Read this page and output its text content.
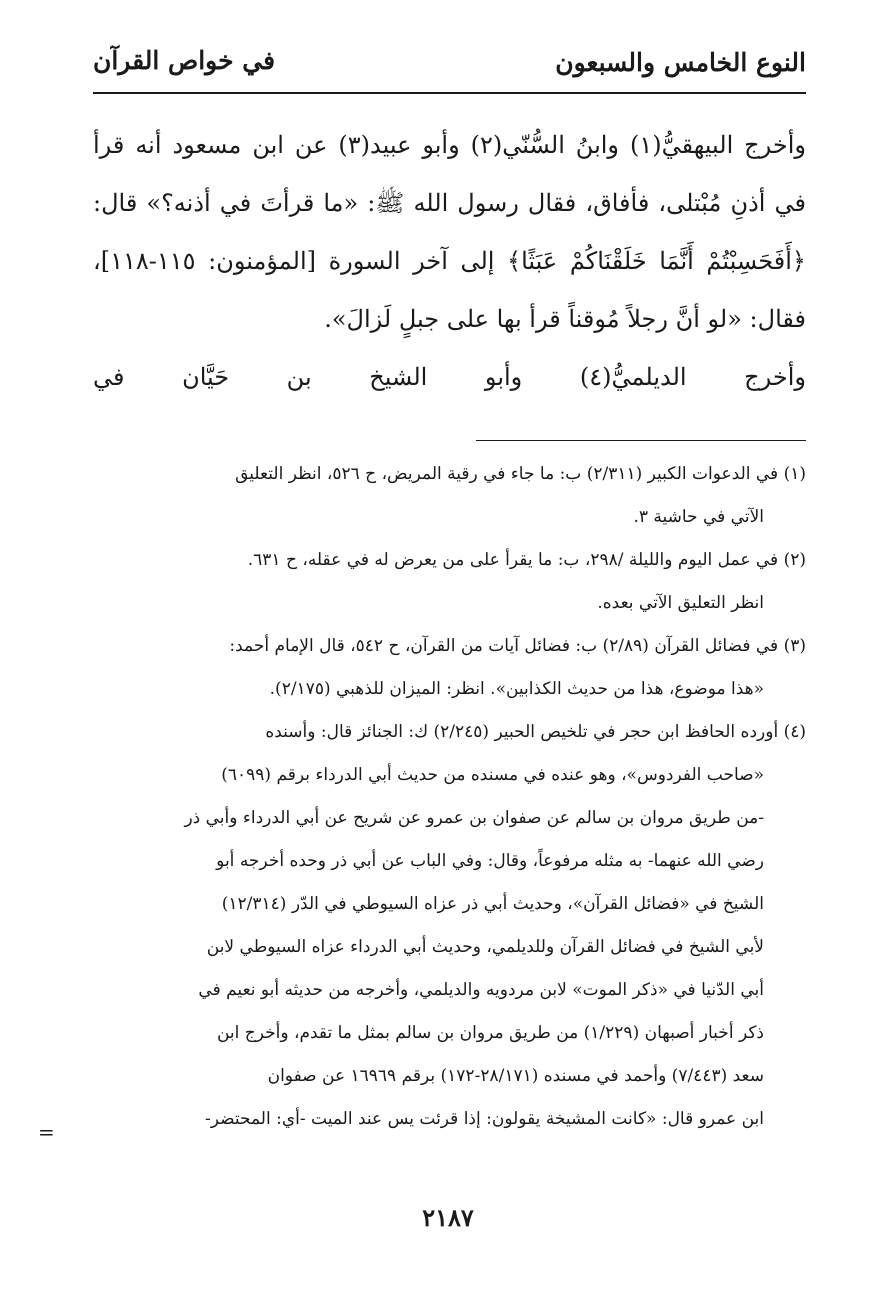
النوع الخامس والسبعون
في خواص القرآن
وأخرج البيهقيُّ(١) وابنُ السُّنّي(٢) وأبو عبيد(٣) عن ابن مسعود أنه قرأ
في أذنِ مُبْتلى، فأفاق، فقال رسول الله ﷺ: «ما قرأتَ في أذنه؟» قال:
﴿أَفَحَسِبْتُمْ أَنَّمَا خَلَقْنَاكُمْ عَبَثًا﴾ إلى آخر السورة [المؤمنون: ١١٥-١١٨]،
فقال: «لو أنَّ رجلاً مُوقناً قرأ بها على جبلٍ لَزالَ».
وأخرج الديلميُّ(٤) وأبو الشيخ بن حَيَّان في
(١) في الدعوات الكبير (٢/٣١١) ب: ما جاء في رقية المريض، ح ٥٢٦، انظر التعليق
الآتي في حاشية ٣.
(٢) في عمل اليوم والليلة /٢٩٨، ب: ما يقرأ على من يعرض له في عقله، ح ٦٣١.
انظر التعليق الآتي بعده.
(٣) في فضائل القرآن (٢/٨٩) ب: فضائل آيات من القرآن، ح ٥٤٢، قال الإمام أحمد:
«هذا موضوع، هذا من حديث الكذابين». انظر: الميزان للذهبي (٢/١٧٥).
(٤) أورده الحافظ ابن حجر في تلخيص الحبير (٢/٢٤٥) ك: الجنائز قال: وأسنده
«صاحب الفردوس»، وهو عنده في مسنده من حديث أبي الدرداء برقم (٦٠٩٩)
-من طريق مروان بن سالم عن صفوان بن عمرو عن شريح عن أبي الدرداء وأبي ذر
رضي الله عنهما- به مثله مرفوعاً، وقال: وفي الباب عن أبي ذر وحده أخرجه أبو
الشيخ في «فضائل القرآن»، وحديث أبي ذر عزاه السيوطي في الدّر (١٢/٣١٤)
لأبي الشيخ في فضائل القرآن وللديلمي، وحديث أبي الدرداء عزاه السيوطي لابن
أبي الدّنيا في «ذكر الموت» لابن مردويه والديلمي، وأخرجه من حديثه أبو نعيم في
ذكر أخبار أصبهان (١/٢٢٩) من طريق مروان بن سالم بمثل ما تقدم، وأخرج ابن
سعد (٧/٤٤٣) وأحمد في مسنده (٢٨/١٧١-١٧٢) برقم ١٦٩٦٩ عن صفوان
ابن عمرو قال: «كانت المشيخة يقولون: إذا قرئت يس عند الميت -أي: المحتضر-
=
٢١٨٧
